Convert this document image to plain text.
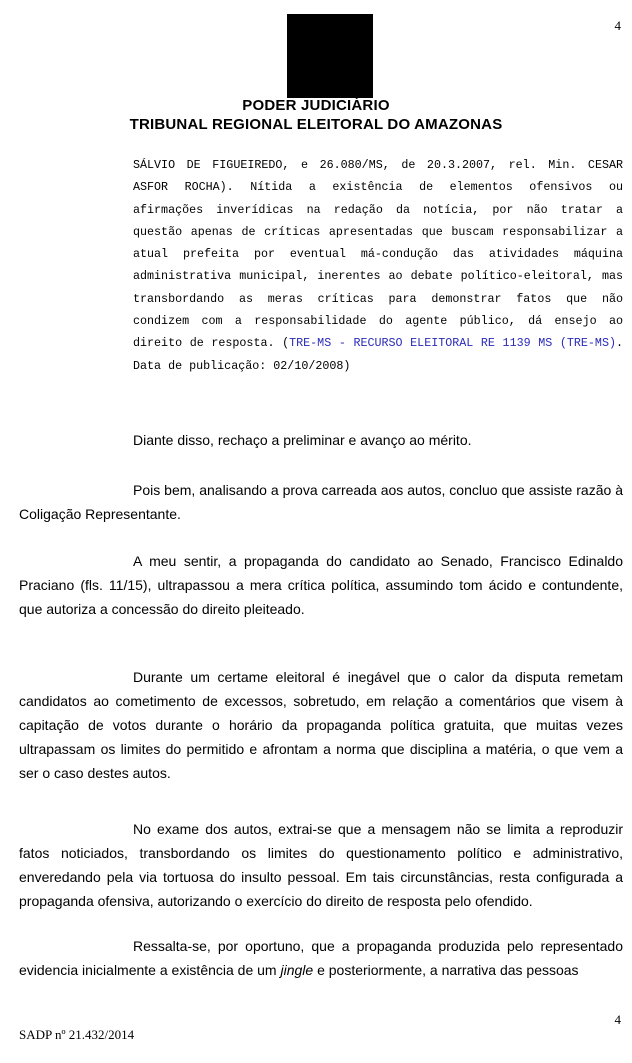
4
PODER JUDICIÁRIO
TRIBUNAL REGIONAL ELEITORAL DO AMAZONAS
SÁLVIO DE FIGUEIREDO, e 26.080/MS, de 20.3.2007, rel. Min. CESAR ASFOR ROCHA). Nítida a existência de elementos ofensivos ou afirmações inverídicas na redação da notícia, por não tratar a questão apenas de críticas apresentadas que buscam responsabilizar a atual prefeita por eventual má-condução das atividades máquina administrativa municipal, inerentes ao debate político-eleitoral, mas transbordando as meras críticas para demonstrar fatos que não condizem com a responsabilidade do agente público, dá ensejo ao direito de resposta. (TRE-MS - RECURSO ELEITORAL RE 1139 MS (TRE-MS). Data de publicação: 02/10/2008)
Diante disso, rechaço a preliminar e avanço ao mérito.
Pois bem, analisando a prova carreada aos autos, concluo que assiste razão à Coligação Representante.
A meu sentir, a propaganda do candidato ao Senado, Francisco Edinaldo Praciano (fls. 11/15), ultrapassou a mera crítica política, assumindo tom ácido e contundente, que autoriza a concessão do direito pleiteado.
Durante um certame eleitoral é inegável que o calor da disputa remetam candidatos ao cometimento de excessos, sobretudo, em relação a comentários que visem à capitação de votos durante o horário da propaganda política gratuita, que muitas vezes ultrapassam os limites do permitido e afrontam a norma que disciplina a matéria, o que vem a ser o caso destes autos.
No exame dos autos, extrai-se que a mensagem não se limita a reproduzir fatos noticiados, transbordando os limites do questionamento político e administrativo, enveredando pela via tortuosa do insulto pessoal. Em tais circunstâncias, resta configurada a propaganda ofensiva, autorizando o exercício do direito de resposta pelo ofendido.
Ressalta-se, por oportuno, que a propaganda produzida pelo representado evidencia inicialmente a existência de um jingle e posteriormente, a narrativa das pessoas
4
SADP nº 21.432/2014
